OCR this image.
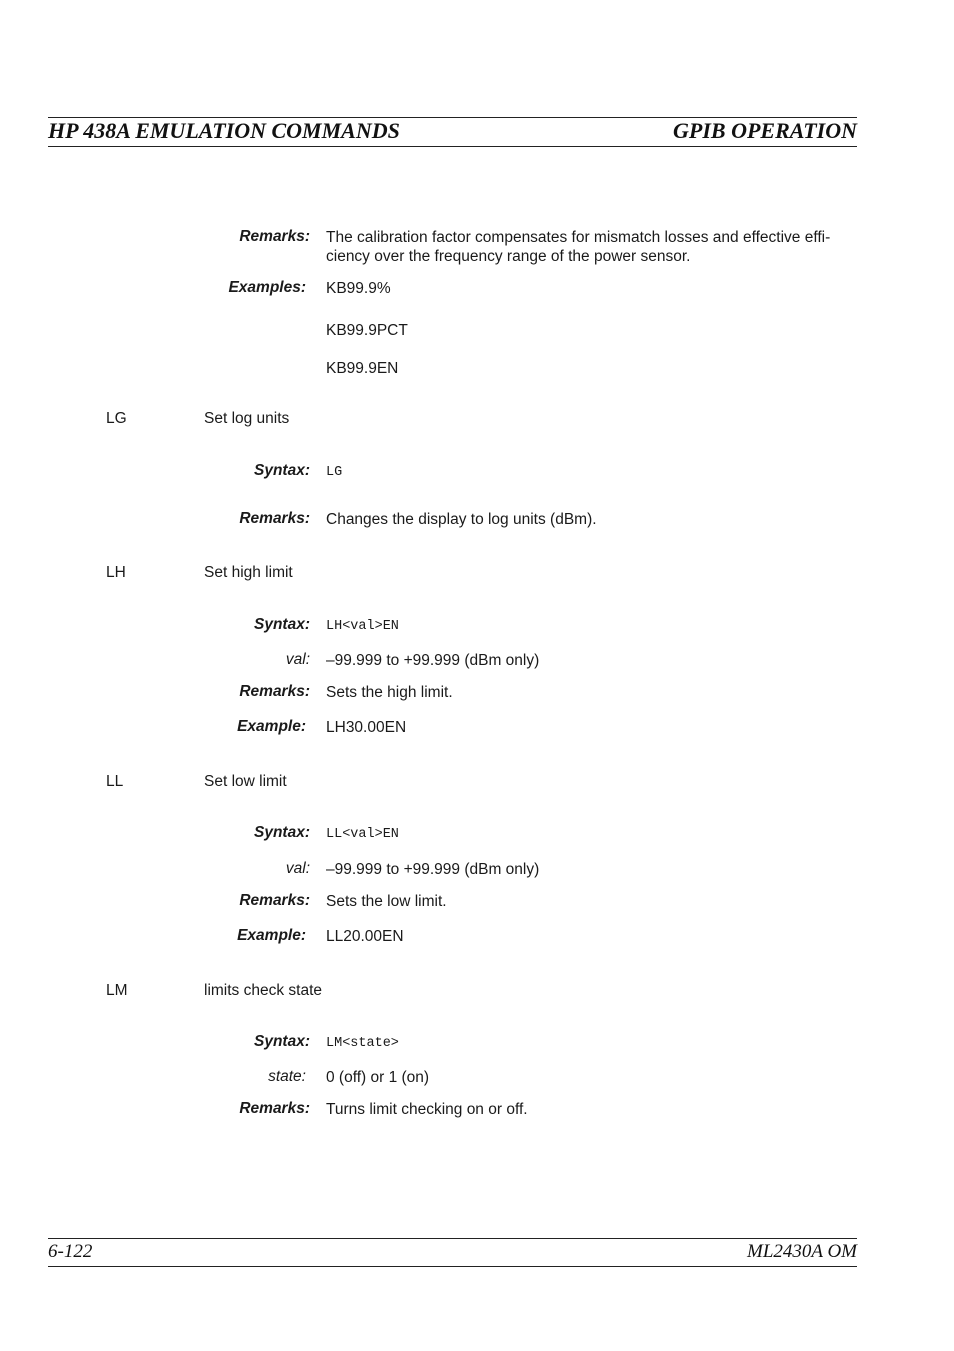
HP 438A EMULATION COMMANDS	GPIB OPERATION
Remarks: The calibration factor compensates for mismatch losses and effective effi-
ciency over the frequency range of the power sensor.
Examples: KB99.9%
KB99.9PCT
KB99.9EN
LG	Set log units
Syntax: LG
Remarks: Changes the display to log units (dBm).
LH	Set high limit
Syntax: LH<val>EN
val: –99.999 to +99.999 (dBm only)
Remarks: Sets the high limit.
Example: LH30.00EN
LL	Set low limit
Syntax: LL<val>EN
val: –99.999 to +99.999 (dBm only)
Remarks: Sets the low limit.
Example: LL20.00EN
LM	limits check state
Syntax: LM<state>
state: 0 (off) or 1 (on)
Remarks: Turns limit checking on or off.
6-122	ML2430A OM
